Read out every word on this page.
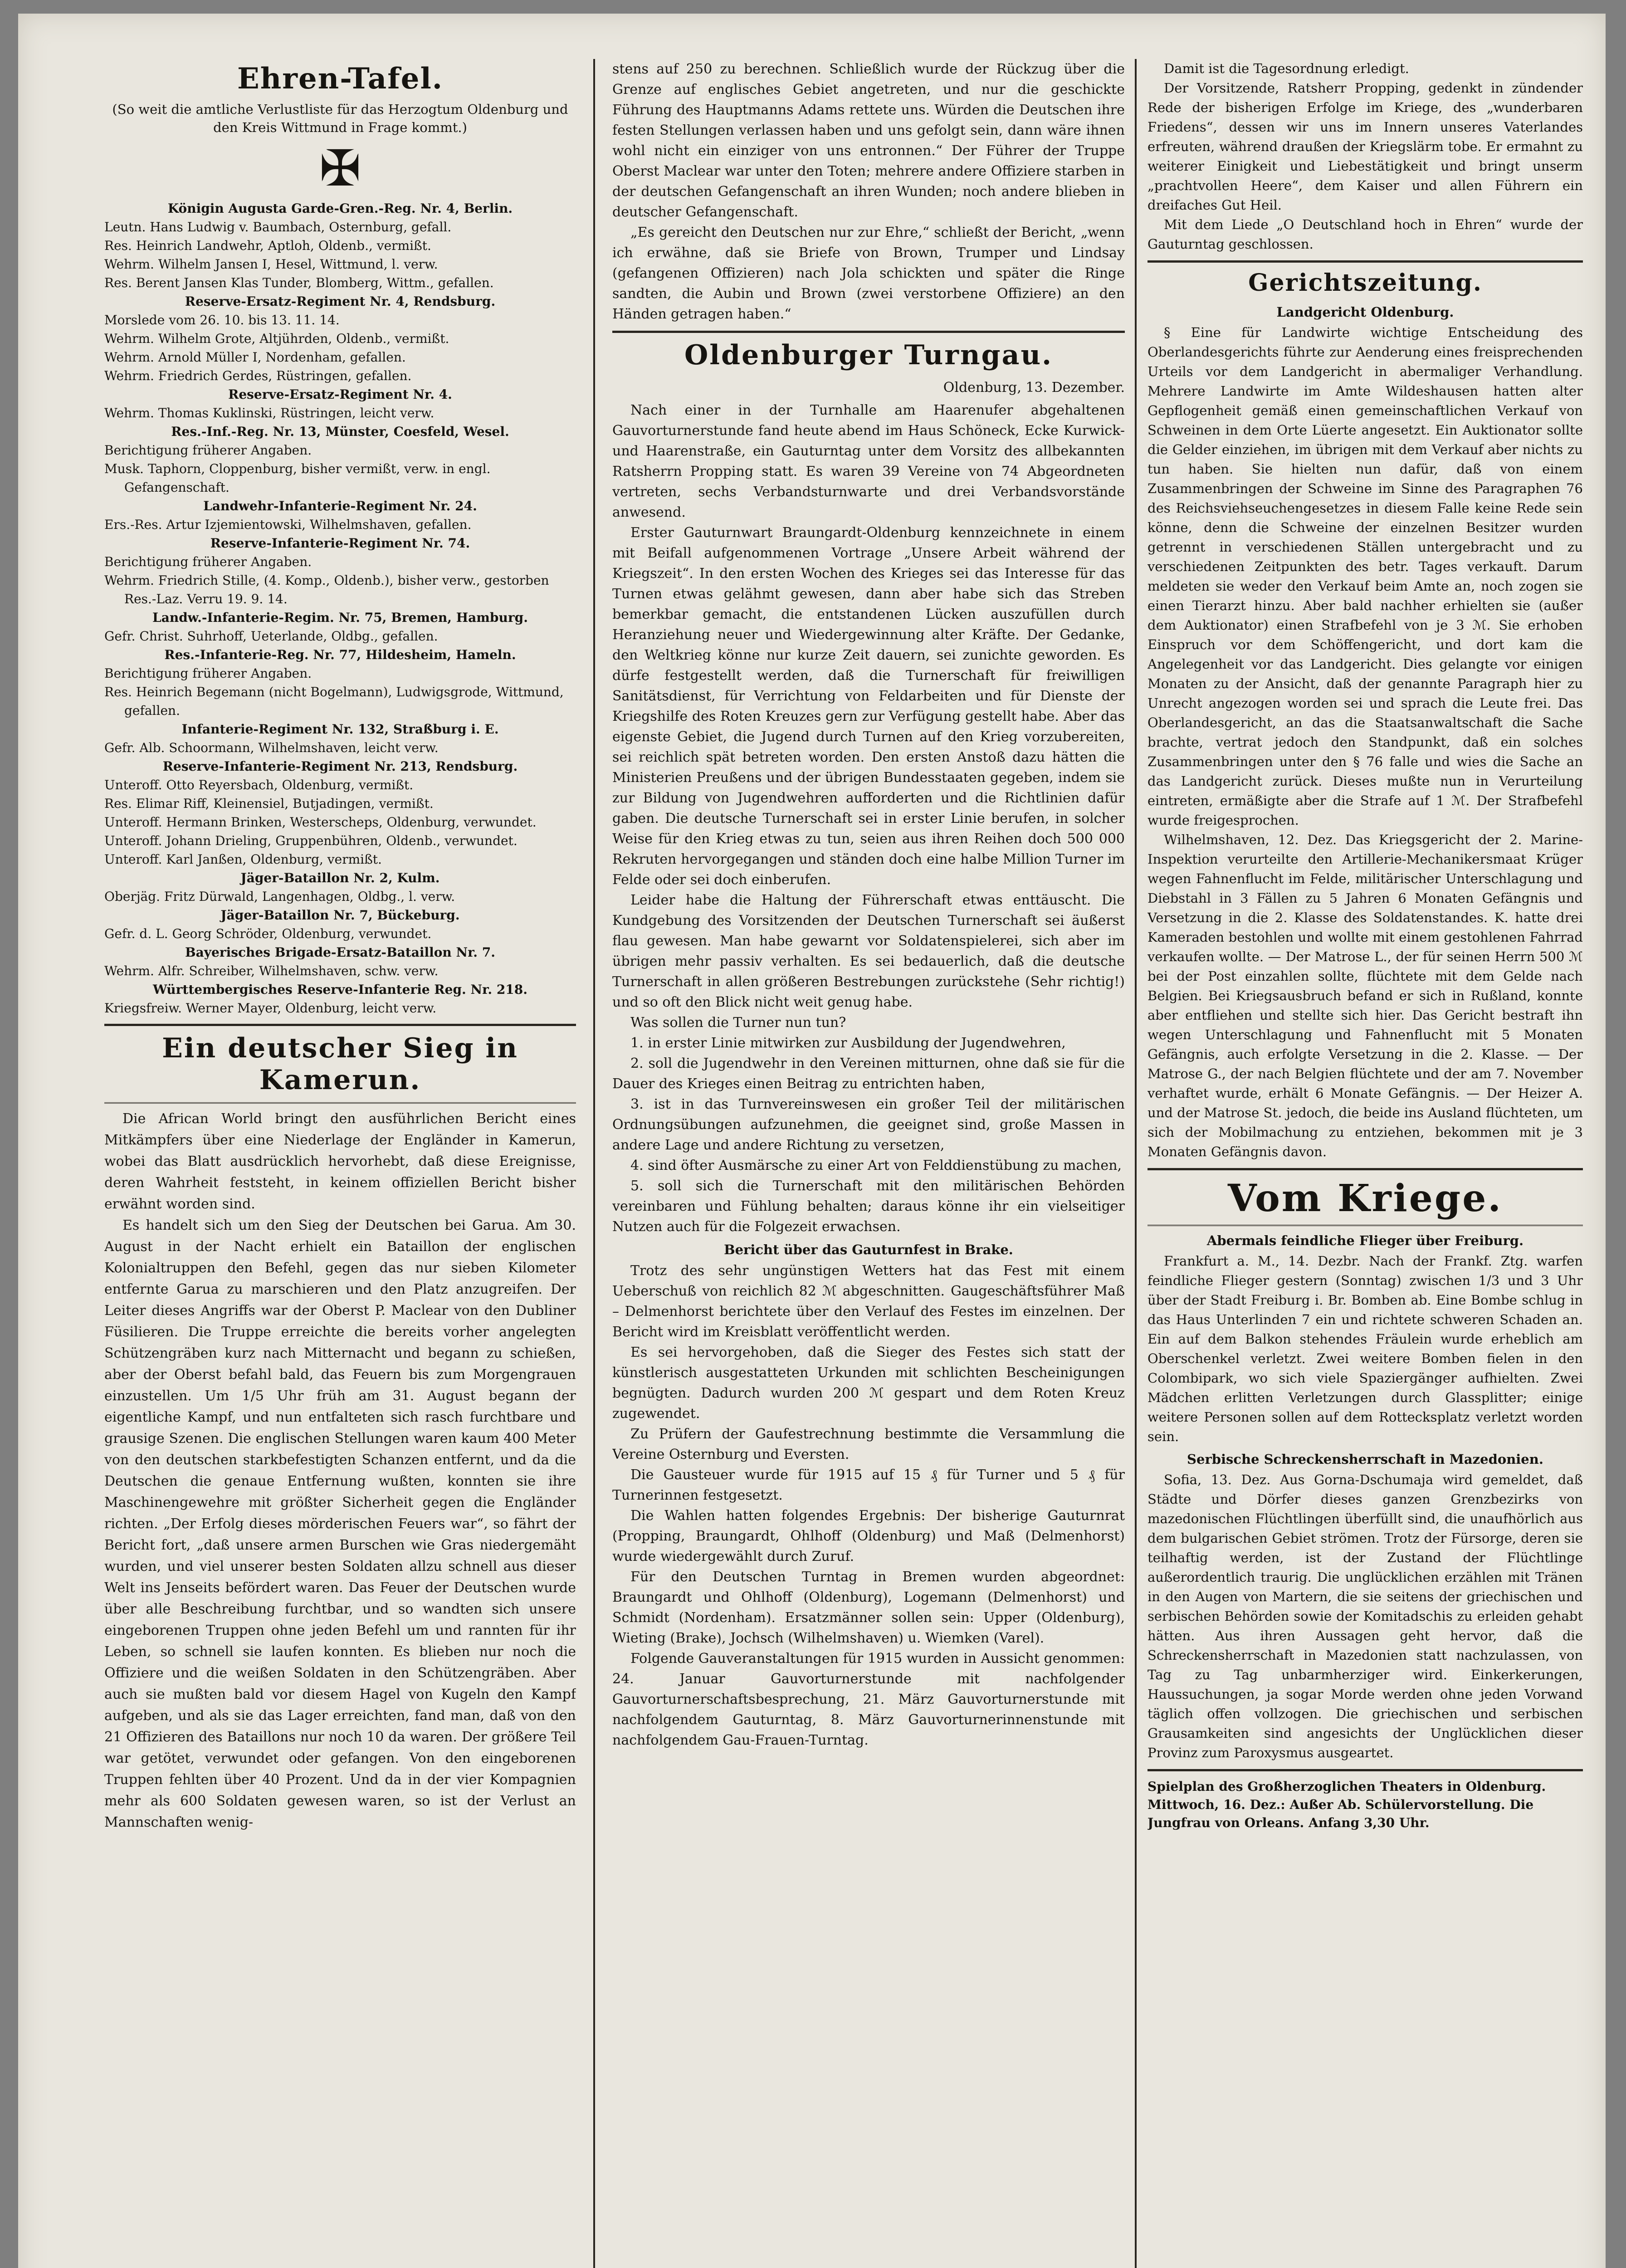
Ehren-Tafel.

(So weit die amtliche Verlustliste für das Herzogtum Oldenburg und den Kreis Wittmund in Frage kommt.)

✠
Königin Augusta Garde-Gren.-Reg. Nr. 4, Berlin.
Leutn. Hans Ludwig v. Baumbach, Osternburg, gefall.
Res. Heinrich Landwehr, Aptloh, Oldenb., vermißt.
Wehrm. Wilhelm Jansen I, Hesel, Wittmund, l. verw.
Res. Berent Jansen Klas Tunder, Blomberg, Wittm., gefallen.
Reserve-Ersatz-Regiment Nr. 4, Rendsburg.
Morslede vom 26. 10. bis 13. 11. 14.
Wehrm. Wilhelm Grote, Altjührden, Oldenb., vermißt.
Wehrm. Arnold Müller I, Nordenham, gefallen.
Wehrm. Friedrich Gerdes, Rüstringen, gefallen.
Reserve-Ersatz-Regiment Nr. 4.
Wehrm. Thomas Kuklinski, Rüstringen, leicht verw.
Res.-Inf.-Reg. Nr. 13, Münster, Coesfeld, Wesel.
Berichtigung früherer Angaben.
Musk. Taphorn, Cloppenburg, bisher vermißt, verw. in engl. Gefangenschaft.
Landwehr-Infanterie-Regiment Nr. 24.
Ers.-Res. Artur Izjemientowski, Wilhelmshaven, gefallen.
Reserve-Infanterie-Regiment Nr. 74.
Berichtigung früherer Angaben.
Wehrm. Friedrich Stille, (4. Komp., Oldenb.), bisher verw., gestorben Res.-Laz. Verru 19. 9. 14.
Landw.-Infanterie-Regim. Nr. 75, Bremen, Hamburg.
Gefr. Christ. Suhrhoff, Ueterlande, Oldbg., gefallen.
Res.-Infanterie-Reg. Nr. 77, Hildesheim, Hameln.
Berichtigung früherer Angaben.
Res. Heinrich Begemann (nicht Bogelmann), Ludwigsgrode, Wittmund, gefallen.
Infanterie-Regiment Nr. 132, Straßburg i. E.
Gefr. Alb. Schoormann, Wilhelmshaven, leicht verw.
Reserve-Infanterie-Regiment Nr. 213, Rendsburg.
Unteroff. Otto Reyersbach, Oldenburg, vermißt.
Res. Elimar Riff, Kleinensiel, Butjadingen, vermißt.
Unteroff. Hermann Brinken, Westerscheps, Oldenburg, verwundet.
Unteroff. Johann Drieling, Gruppenbühren, Oldenb., verwundet.
Unteroff. Karl Janßen, Oldenburg, vermißt.
Jäger-Bataillon Nr. 2, Kulm.
Oberjäg. Fritz Dürwald, Langenhagen, Oldbg., l. verw.
Jäger-Bataillon Nr. 7, Bückeburg.
Gefr. d. L. Georg Schröder, Oldenburg, verwundet.
Bayerisches Brigade-Ersatz-Bataillon Nr. 7.
Wehrm. Alfr. Schreiber, Wilhelmshaven, schw. verw.
Württembergisches Reserve-Infanterie Reg. Nr. 218.
Kriegsfreiw. Werner Mayer, Oldenburg, leicht verw.
Ein deutscher Sieg in Kamerun.

Die African World bringt den ausführlichen Bericht eines Mitkämpfers über eine Niederlage der Engländer in Kamerun, wobei das Blatt ausdrücklich hervorhebt, daß diese Ereignisse, deren Wahrheit feststeht, in keinem offiziellen Bericht bisher erwähnt worden sind.

Es handelt sich um den Sieg der Deutschen bei Garua. Am 30. August in der Nacht erhielt ein Bataillon der englischen Kolonialtruppen den Befehl, gegen das nur sieben Kilometer entfernte Garua zu marschieren und den Platz anzugreifen. Der Leiter dieses Angriffs war der Oberst P. Maclear von den Dubliner Füsilieren. Die Truppe erreichte die bereits vorher angelegten Schützengräben kurz nach Mitternacht und begann zu schießen, aber der Oberst befahl bald, das Feuern bis zum Morgengrauen einzustellen. Um 1/5 Uhr früh am 31. August begann der eigentliche Kampf, und nun entfalteten sich rasch furchtbare und grausige Szenen. Die englischen Stellungen waren kaum 400 Meter von den deutschen starkbefestigten Schanzen entfernt, und da die Deutschen die genaue Entfernung wußten, konnten sie ihre Maschinengewehre mit größter Sicherheit gegen die Engländer richten. „Der Erfolg dieses mörderischen Feuers war“, so fährt der Bericht fort, „daß unsere armen Burschen wie Gras niedergemäht wurden, und viel unserer besten Soldaten allzu schnell aus dieser Welt ins Jenseits befördert waren. Das Feuer der Deutschen wurde über alle Beschreibung furchtbar, und so wandten sich unsere eingeborenen Truppen ohne jeden Befehl um und rannten für ihr Leben, so schnell sie laufen konnten. Es blieben nur noch die Offiziere und die weißen Soldaten in den Schützengräben. Aber auch sie mußten bald vor diesem Hagel von Kugeln den Kampf aufgeben, und als sie das Lager erreichten, fand man, daß von den 21 Offizieren des Bataillons nur noch 10 da waren. Der größere Teil war getötet, verwundet oder gefangen. Von den eingeborenen Truppen fehlten über 40 Prozent. Und da in der vier Kompagnien mehr als 600 Soldaten gewesen waren, so ist der Verlust an Mannschaften wenig-

stens auf 250 zu berechnen. Schließlich wurde der Rückzug über die Grenze auf englisches Gebiet angetreten, und nur die geschickte Führung des Hauptmanns Adams rettete uns. Würden die Deutschen ihre festen Stellungen verlassen haben und uns gefolgt sein, dann wäre ihnen wohl nicht ein einziger von uns entronnen.“ Der Führer der Truppe Oberst Maclear war unter den Toten; mehrere andere Offiziere starben in der deutschen Gefangenschaft an ihren Wunden; noch andere blieben in deutscher Gefangenschaft.

„Es gereicht den Deutschen nur zur Ehre,“ schließt der Bericht, „wenn ich erwähne, daß sie Briefe von Brown, Trumper und Lindsay (gefangenen Offizieren) nach Jola schickten und später die Ringe sandten, die Aubin und Brown (zwei verstorbene Offiziere) an den Händen getragen haben.“

Oldenburger Turngau.

Oldenburg, 13. Dezember.

Nach einer in der Turnhalle am Haarenufer abgehaltenen Gauvorturnerstunde fand heute abend im Haus Schöneck, Ecke Kurwick- und Haarenstraße, ein Gauturntag unter dem Vorsitz des allbekannten Ratsherrn Propping statt. Es waren 39 Vereine von 74 Abgeordneten vertreten, sechs Verbandsturnwarte und drei Verbandsvorstände anwesend.

Erster Gauturnwart Braungardt-Oldenburg kennzeichnete in einem mit Beifall aufgenommenen Vortrage „Unsere Arbeit während der Kriegszeit“. In den ersten Wochen des Krieges sei das Interesse für das Turnen etwas gelähmt gewesen, dann aber habe sich das Streben bemerkbar gemacht, die entstandenen Lücken auszufüllen durch Heranziehung neuer und Wiedergewinnung alter Kräfte. Der Gedanke, den Weltkrieg könne nur kurze Zeit dauern, sei zunichte geworden. Es dürfe festgestellt werden, daß die Turnerschaft für freiwilligen Sanitätsdienst, für Verrichtung von Feldarbeiten und für Dienste der Kriegshilfe des Roten Kreuzes gern zur Verfügung gestellt habe. Aber das eigenste Gebiet, die Jugend durch Turnen auf den Krieg vorzubereiten, sei reichlich spät betreten worden. Den ersten Anstoß dazu hätten die Ministerien Preußens und der übrigen Bundesstaaten gegeben, indem sie zur Bildung von Jugendwehren aufforderten und die Richtlinien dafür gaben. Die deutsche Turnerschaft sei in erster Linie berufen, in solcher Weise für den Krieg etwas zu tun, seien aus ihren Reihen doch 500 000 Rekruten hervorgegangen und ständen doch eine halbe Million Turner im Felde oder sei doch einberufen.

Leider habe die Haltung der Führerschaft etwas enttäuscht. Die Kundgebung des Vorsitzenden der Deutschen Turnerschaft sei äußerst flau gewesen. Man habe gewarnt vor Soldatenspielerei, sich aber im übrigen mehr passiv verhalten. Es sei bedauerlich, daß die deutsche Turnerschaft in allen größeren Bestrebungen zurückstehe (Sehr richtig!) und so oft den Blick nicht weit genug habe.

Was sollen die Turner nun tun?

1. in erster Linie mitwirken zur Ausbildung der Jugendwehren,

2. soll die Jugendwehr in den Vereinen mitturnen, ohne daß sie für die Dauer des Krieges einen Beitrag zu entrichten haben,

3. ist in das Turnvereinswesen ein großer Teil der militärischen Ordnungsübungen aufzunehmen, die geeignet sind, große Massen in andere Lage und andere Richtung zu versetzen,

4. sind öfter Ausmärsche zu einer Art von Felddienstübung zu machen,

5. soll sich die Turnerschaft mit den militärischen Behörden vereinbaren und Fühlung behalten; daraus könne ihr ein vielseitiger Nutzen auch für die Folgezeit erwachsen.

Bericht über das Gauturnfest in Brake.

Trotz des sehr ungünstigen Wetters hat das Fest mit einem Ueberschuß von reichlich 82 ℳ abgeschnitten. Gaugeschäftsführer Maß – Delmenhorst berichtete über den Verlauf des Festes im einzelnen. Der Bericht wird im Kreisblatt veröffentlicht werden.

Es sei hervorgehoben, daß die Sieger des Festes sich statt der künstlerisch ausgestatteten Urkunden mit schlichten Bescheinigungen begnügten. Dadurch wurden 200 ℳ gespart und dem Roten Kreuz zugewendet.

Zu Prüfern der Gaufestrechnung bestimmte die Versammlung die Vereine Osternburg und Eversten.

Die Gausteuer wurde für 1915 auf 15 ₰ für Turner und 5 ₰ für Turnerinnen festgesetzt.

Die Wahlen hatten folgendes Ergebnis: Der bisherige Gauturnrat (Propping, Braungardt, Ohlhoff (Oldenburg) und Maß (Delmenhorst) wurde wiedergewählt durch Zuruf.

Für den Deutschen Turntag in Bremen wurden abgeordnet: Braungardt und Ohlhoff (Oldenburg), Logemann (Delmenhorst) und Schmidt (Nordenham). Ersatzmänner sollen sein: Upper (Oldenburg), Wieting (Brake), Jochsch (Wilhelmshaven) u. Wiemken (Varel).

Folgende Gauveranstaltungen für 1915 wurden in Aussicht genommen: 24. Januar Gauvorturnerstunde mit nachfolgender Gauvorturnerschaftsbesprechung, 21. März Gauvorturnerstunde mit nachfolgendem Gauturntag, 8. März Gauvorturnerinnenstunde mit nachfolgendem Gau-Frauen-Turntag.

Damit ist die Tagesordnung erledigt.

Der Vorsitzende, Ratsherr Propping, gedenkt in zündender Rede der bisherigen Erfolge im Kriege, des „wunderbaren Friedens“, dessen wir uns im Innern unseres Vaterlandes erfreuten, während draußen der Kriegslärm tobe. Er ermahnt zu weiterer Einigkeit und Liebestätigkeit und bringt unserm „prachtvollen Heere“, dem Kaiser und allen Führern ein dreifaches Gut Heil.

Mit dem Liede „O Deutschland hoch in Ehren“ wurde der Gauturntag geschlossen.

Gerichtszeitung.

Landgericht Oldenburg.

§ Eine für Landwirte wichtige Entscheidung des Oberlandesgerichts führte zur Aenderung eines freisprechenden Urteils vor dem Landgericht in abermaliger Verhandlung. Mehrere Landwirte im Amte Wildeshausen hatten alter Gepflogenheit gemäß einen gemeinschaftlichen Verkauf von Schweinen in dem Orte Lüerte angesetzt. Ein Auktionator sollte die Gelder einziehen, im übrigen mit dem Verkauf aber nichts zu tun haben. Sie hielten nun dafür, daß von einem Zusammenbringen der Schweine im Sinne des Paragraphen 76 des Reichsviehseuchengesetzes in diesem Falle keine Rede sein könne, denn die Schweine der einzelnen Besitzer wurden getrennt in verschiedenen Ställen untergebracht und zu verschiedenen Zeitpunkten des betr. Tages verkauft. Darum meldeten sie weder den Verkauf beim Amte an, noch zogen sie einen Tierarzt hinzu. Aber bald nachher erhielten sie (außer dem Auktionator) einen Strafbefehl von je 3 ℳ. Sie erhoben Einspruch vor dem Schöffengericht, und dort kam die Angelegenheit vor das Landgericht. Dies gelangte vor einigen Monaten zu der Ansicht, daß der genannte Paragraph hier zu Unrecht angezogen worden sei und sprach die Leute frei. Das Oberlandesgericht, an das die Staatsanwaltschaft die Sache brachte, vertrat jedoch den Standpunkt, daß ein solches Zusammenbringen unter den § 76 falle und wies die Sache an das Landgericht zurück. Dieses mußte nun in Verurteilung eintreten, ermäßigte aber die Strafe auf 1 ℳ. Der Strafbefehl wurde freigesprochen.

Wilhelmshaven, 12. Dez. Das Kriegsgericht der 2. Marine-Inspektion verurteilte den Artillerie-Mechanikersmaat Krüger wegen Fahnenflucht im Felde, militärischer Unterschlagung und Diebstahl in 3 Fällen zu 5 Jahren 6 Monaten Gefängnis und Versetzung in die 2. Klasse des Soldatenstandes. K. hatte drei Kameraden bestohlen und wollte mit einem gestohlenen Fahrrad verkaufen wollte. — Der Matrose L., der für seinen Herrn 500 ℳ bei der Post einzahlen sollte, flüchtete mit dem Gelde nach Belgien. Bei Kriegsausbruch befand er sich in Rußland, konnte aber entfliehen und stellte sich hier. Das Gericht bestraft ihn wegen Unterschlagung und Fahnenflucht mit 5 Monaten Gefängnis, auch erfolgte Versetzung in die 2. Klasse. — Der Matrose G., der nach Belgien flüchtete und der am 7. November verhaftet wurde, erhält 6 Monate Gefängnis. — Der Heizer A. und der Matrose St. jedoch, die beide ins Ausland flüchteten, um sich der Mobilmachung zu entziehen, bekommen mit je 3 Monaten Gefängnis davon.

Vom Kriege.

Abermals feindliche Flieger über Freiburg.

Frankfurt a. M., 14. Dezbr. Nach der Frankf. Ztg. warfen feindliche Flieger gestern (Sonntag) zwischen 1/3 und 3 Uhr über der Stadt Freiburg i. Br. Bomben ab. Eine Bombe schlug in das Haus Unterlinden 7 ein und richtete schweren Schaden an. Ein auf dem Balkon stehendes Fräulein wurde erheblich am Oberschenkel verletzt. Zwei weitere Bomben fielen in den Colombipark, wo sich viele Spaziergänger aufhielten. Zwei Mädchen erlitten Verletzungen durch Glassplitter; einige weitere Personen sollen auf dem Rottecksplatz verletzt worden sein.

Serbische Schreckensherrschaft in Mazedonien.

Sofia, 13. Dez. Aus Gorna-Dschumaja wird gemeldet, daß Städte und Dörfer dieses ganzen Grenzbezirks von mazedonischen Flüchtlingen überfüllt sind, die unaufhörlich aus dem bulgarischen Gebiet strömen. Trotz der Fürsorge, deren sie teilhaftig werden, ist der Zustand der Flüchtlinge außerordentlich traurig. Die unglücklichen erzählen mit Tränen in den Augen von Martern, die sie seitens der griechischen und serbischen Behörden sowie der Komitadschis zu erleiden gehabt hätten. Aus ihren Aussagen geht hervor, daß die Schreckensherrschaft in Mazedonien statt nachzulassen, von Tag zu Tag unbarmherziger wird. Einkerkerungen, Haussuchungen, ja sogar Morde werden ohne jeden Vorwand täglich offen vollzogen. Die griechischen und serbischen Grausamkeiten sind angesichts der Unglücklichen dieser Provinz zum Paroxysmus ausgeartet.

Spielplan des Großherzoglichen Theaters in Oldenburg. Mittwoch, 16. Dez.: Außer Ab. Schülervorstellung. Die Jungfrau von Orleans. Anfang 3,30 Uhr.
